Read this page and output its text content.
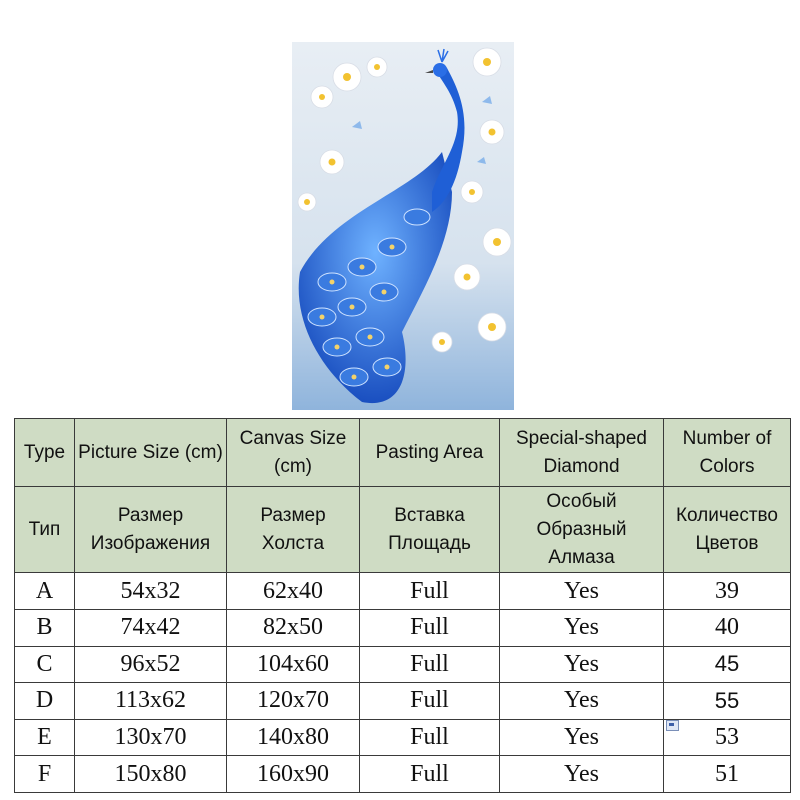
Type	Picture Size (cm)	Canvas Size (cm)	Pasting Area	Special-shaped Diamond	Number of Colors
Тип	Размер Изображения	Размер Холста	Вставка Площадь	Особый Образный Алмаза	Количество Цветов
A	54x32	62x40	Full	Yes	39
B	74x42	82x50	Full	Yes	40
C	96x52	104x60	Full	Yes	45
D	113x62	120x70	Full	Yes	55
E	130x70	140x80	Full	Yes	53
F	150x80	160x90	Full	Yes	51
